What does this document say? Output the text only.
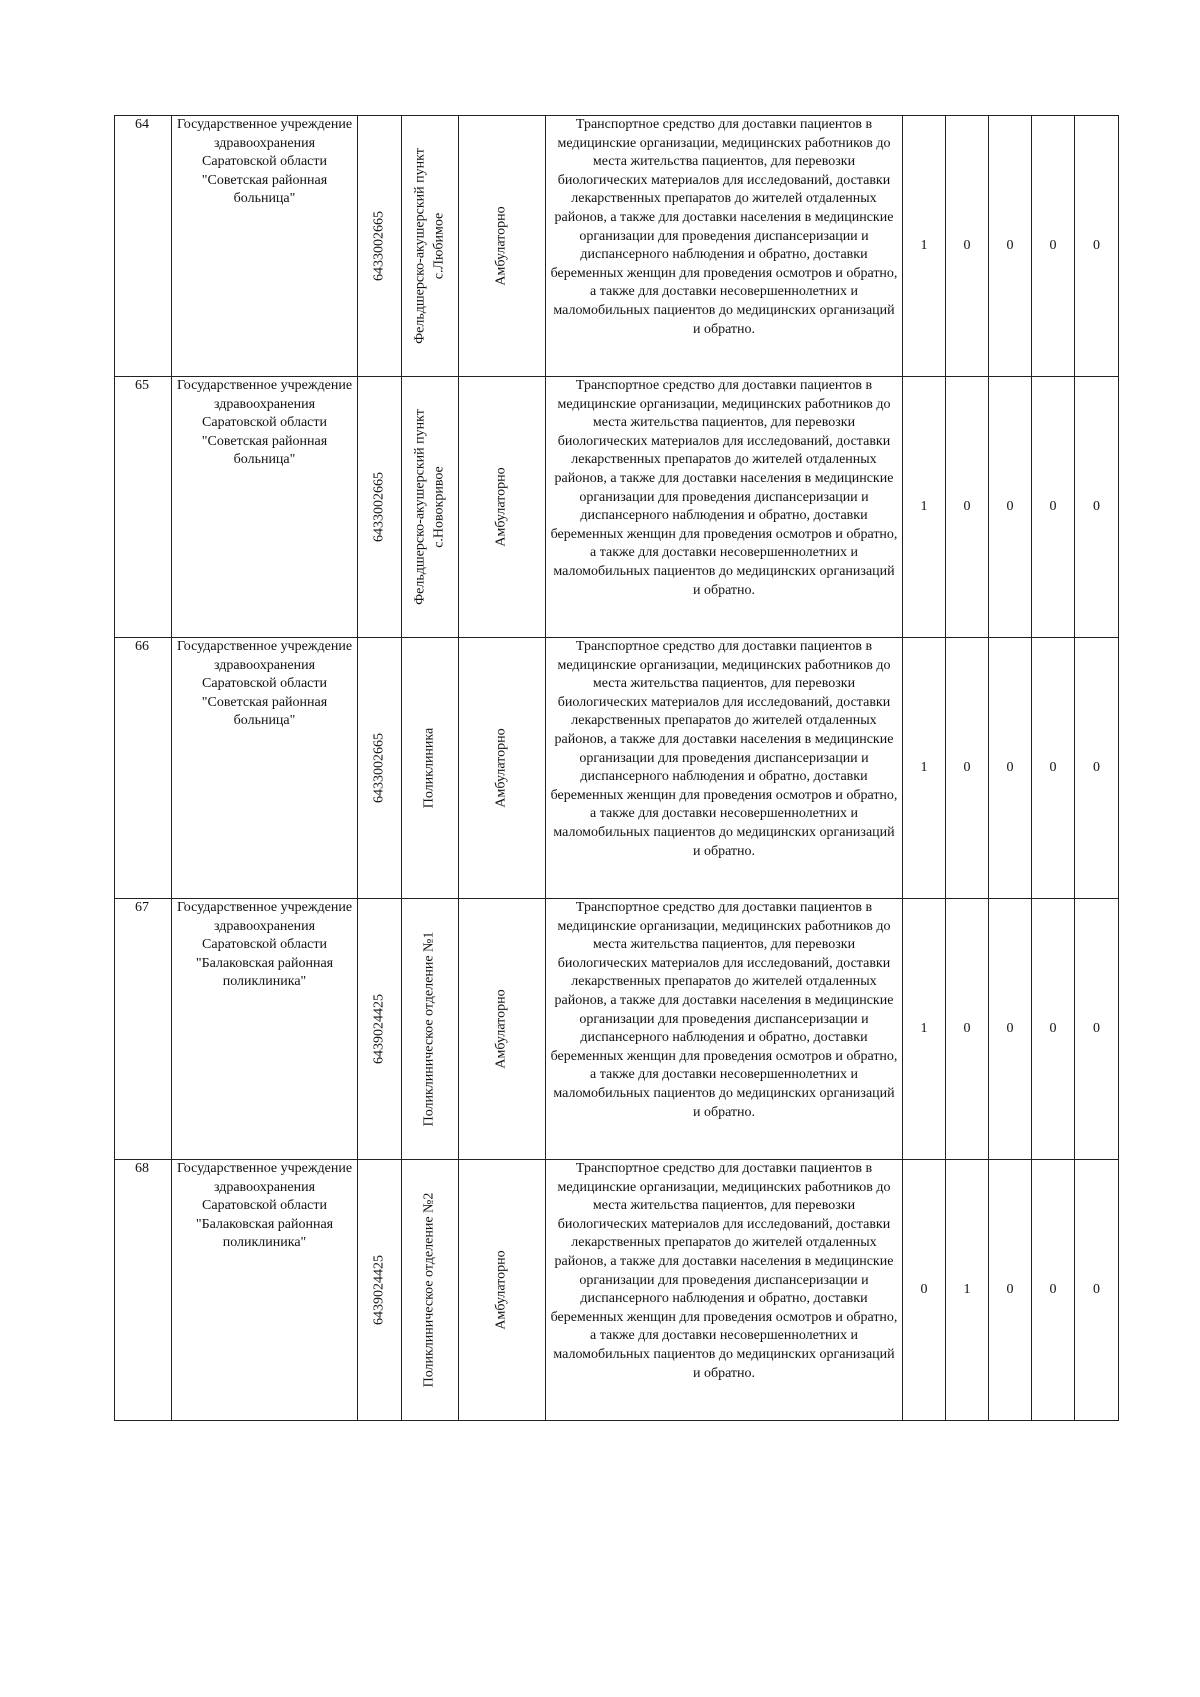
64	Государственное учреждение здравоохранения Саратовской области "Советская районная больница"	6433002665	Фельдшерско-акушерский пункт с.Любимое	Амбулаторно	Транспортное средство для доставки пациентов в медицинские организации, медицинских работников до места жительства пациентов, для перевозки биологических материалов для исследований, доставки лекарственных препаратов до жителей отдаленных районов, а также для доставки населения в медицинские организации для проведения диспансеризации и диспансерного наблюдения и обратно, доставки беременных женщин для проведения осмотров и обратно, а также для доставки несовершеннолетних и маломобильных пациентов до медицинских организаций и обратно.	1	0	0	0	0
65	Государственное учреждение здравоохранения Саратовской области "Советская районная больница"	6433002665	Фельдшерско-акушерский пункт с.Новокривое	Амбулаторно	Транспортное средство для доставки пациентов в медицинские организации, медицинских работников до места жительства пациентов, для перевозки биологических материалов для исследований, доставки лекарственных препаратов до жителей отдаленных районов, а также для доставки населения в медицинские организации для проведения диспансеризации и диспансерного наблюдения и обратно, доставки беременных женщин для проведения осмотров и обратно, а также для доставки несовершеннолетних и маломобильных пациентов до медицинских организаций и обратно.	1	0	0	0	0
66	Государственное учреждение здравоохранения Саратовской области "Советская районная больница"	6433002665	Поликлиника	Амбулаторно	Транспортное средство для доставки пациентов в медицинские организации, медицинских работников до места жительства пациентов, для перевозки биологических материалов для исследований, доставки лекарственных препаратов до жителей отдаленных районов, а также для доставки населения в медицинские организации для проведения диспансеризации и диспансерного наблюдения и обратно, доставки беременных женщин для проведения осмотров и обратно, а также для доставки несовершеннолетних и маломобильных пациентов до медицинских организаций и обратно.	1	0	0	0	0
67	Государственное учреждение здравоохранения Саратовской области "Балаковская районная поликлиника"	6439024425	Поликлиническое отделение №1	Амбулаторно	Транспортное средство для доставки пациентов в медицинские организации, медицинских работников до места жительства пациентов, для перевозки биологических материалов для исследований, доставки лекарственных препаратов до жителей отдаленных районов, а также для доставки населения в медицинские организации для проведения диспансеризации и диспансерного наблюдения и обратно, доставки беременных женщин для проведения осмотров и обратно, а также для доставки несовершеннолетних и маломобильных пациентов до медицинских организаций и обратно.	1	0	0	0	0
68	Государственное учреждение здравоохранения Саратовской области "Балаковская районная поликлиника"	6439024425	Поликлиническое отделение №2	Амбулаторно	Транспортное средство для доставки пациентов в медицинские организации, медицинских работников до места жительства пациентов, для перевозки биологических материалов для исследований, доставки лекарственных препаратов до жителей отдаленных районов, а также для доставки населения в медицинские организации для проведения диспансеризации и диспансерного наблюдения и обратно, доставки беременных женщин для проведения осмотров и обратно, а также для доставки несовершеннолетних и маломобильных пациентов до медицинских организаций и обратно.	0	1	0	0	0
